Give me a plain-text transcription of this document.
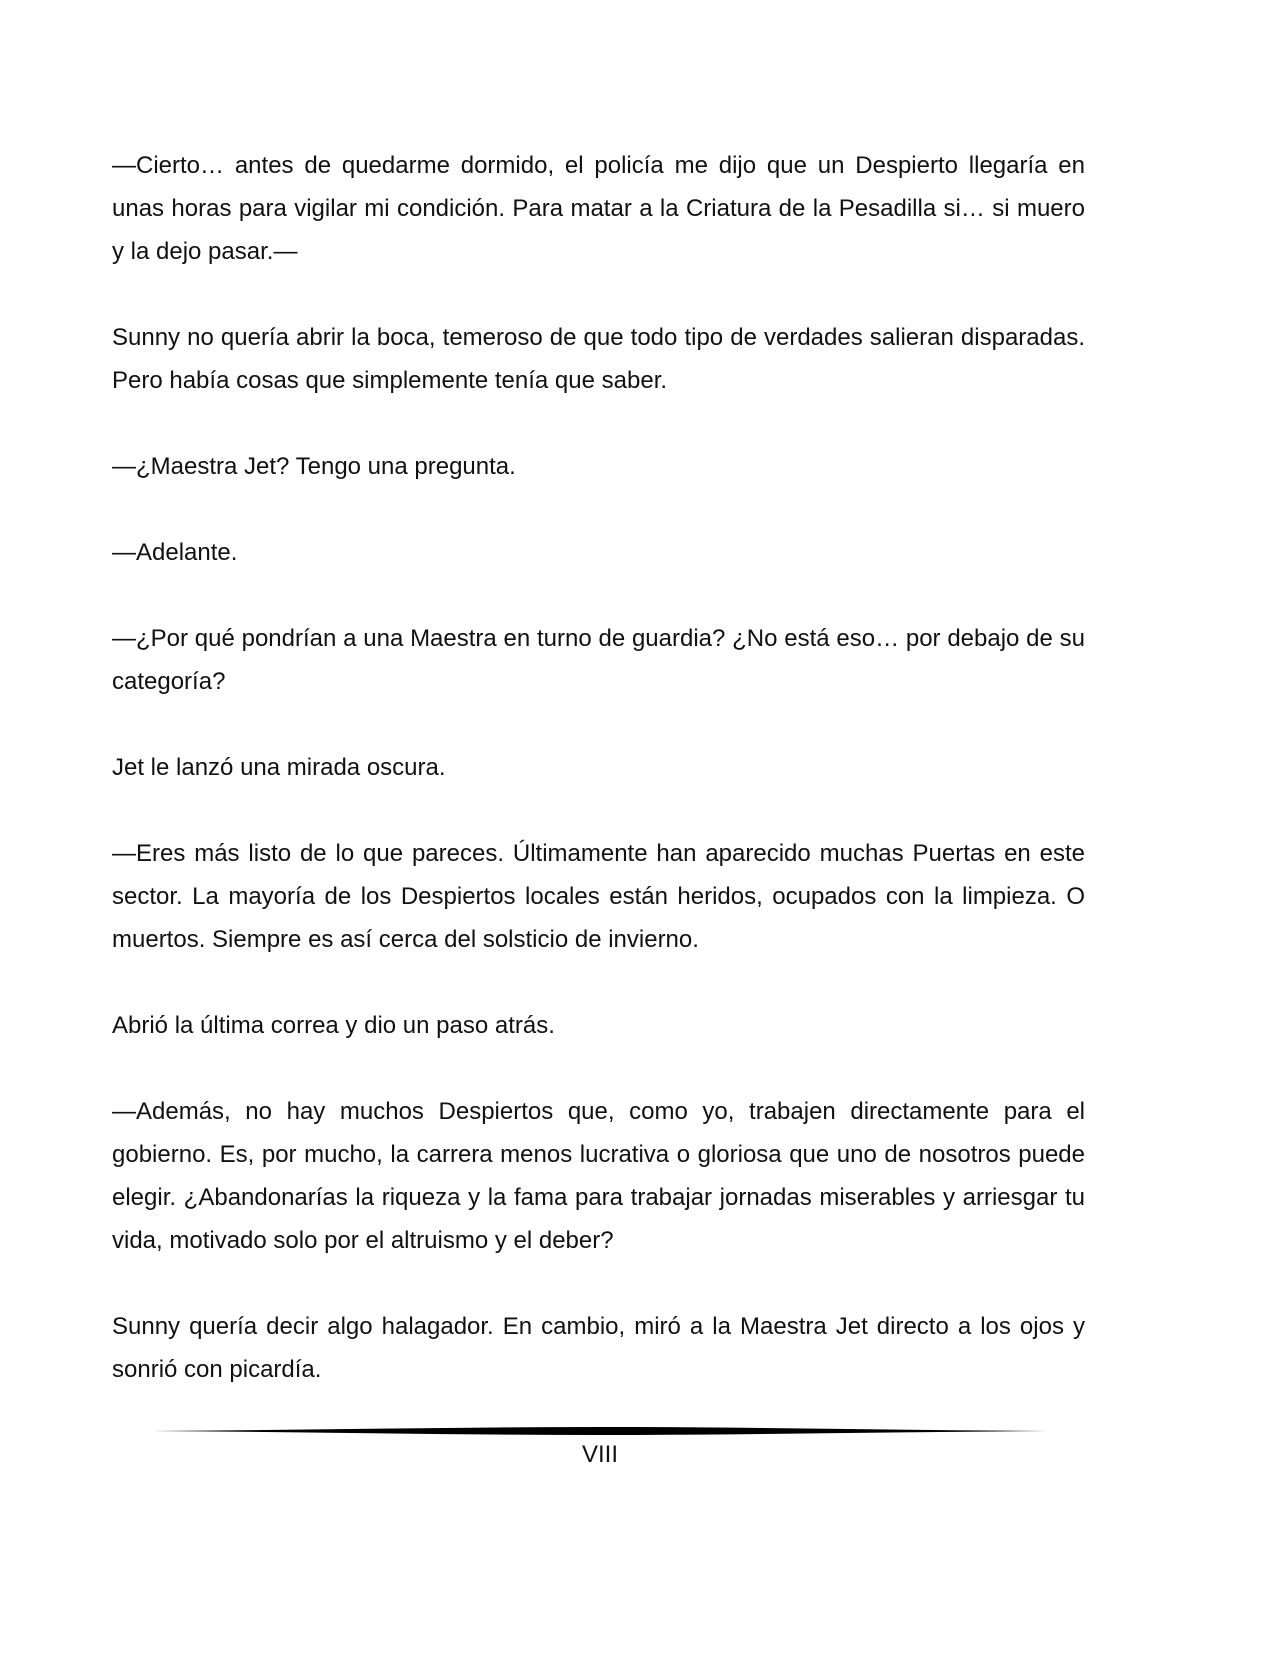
—Cierto… antes de quedarme dormido, el policía me dijo que un Despierto llegaría en unas horas para vigilar mi condición. Para matar a la Criatura de la Pesadilla si… si muero y la dejo pasar.—

Sunny no quería abrir la boca, temeroso de que todo tipo de verdades salieran disparadas. Pero había cosas que simplemente tenía que saber.

—¿Maestra Jet? Tengo una pregunta.

—Adelante.

—¿Por qué pondrían a una Maestra en turno de guardia? ¿No está eso… por debajo de su categoría?

Jet le lanzó una mirada oscura.

—Eres más listo de lo que pareces. Últimamente han aparecido muchas Puertas en este sector. La mayoría de los Despiertos locales están heridos, ocupados con la limpieza. O muertos. Siempre es así cerca del solsticio de invierno.

Abrió la última correa y dio un paso atrás.

—Además, no hay muchos Despiertos que, como yo, trabajen directamente para el gobierno. Es, por mucho, la carrera menos lucrativa o gloriosa que uno de nosotros puede elegir. ¿Abandonarías la riqueza y la fama para trabajar jornadas miserables y arriesgar tu vida, motivado solo por el altruismo y el deber?

Sunny quería decir algo halagador. En cambio, miró a la Maestra Jet directo a los ojos y sonrió con picardía.

VIII
